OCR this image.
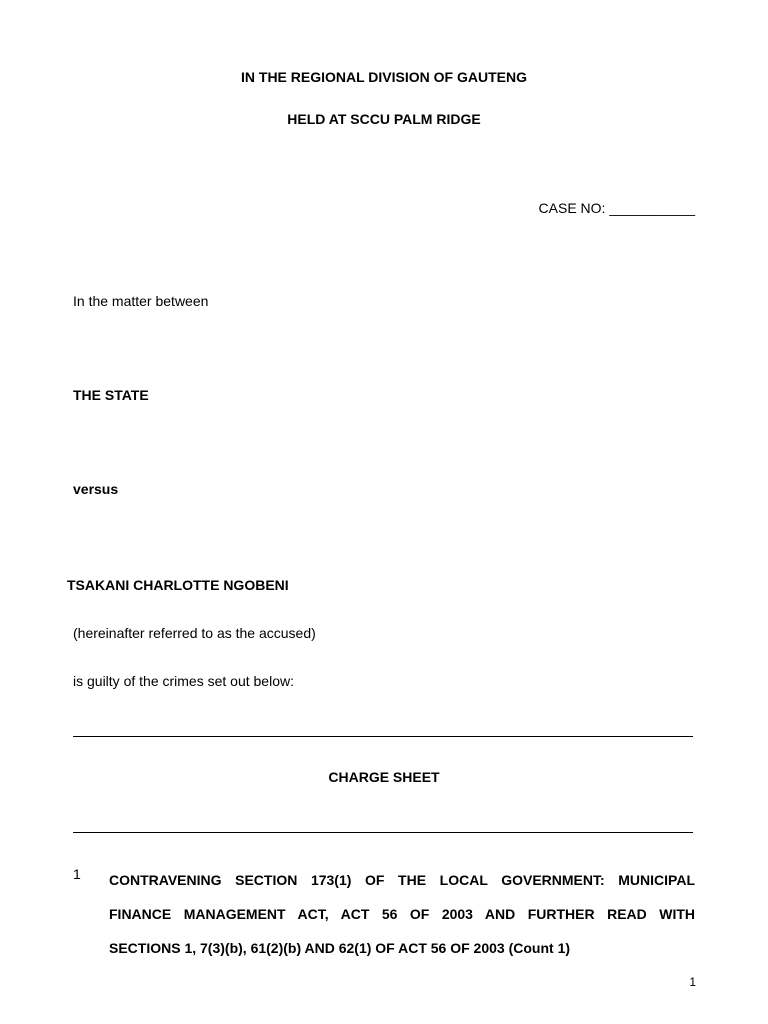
IN THE REGIONAL DIVISION OF GAUTENG
HELD AT SCCU PALM RIDGE
CASE NO: ___________
In the matter between
THE STATE
versus
TSAKANI CHARLOTTE NGOBENI
(hereinafter referred to as the accused)
is guilty of the crimes set out below:
CHARGE SHEET
1 CONTRAVENING SECTION 173(1) OF THE LOCAL GOVERNMENT: MUNICIPAL
FINANCE MANAGEMENT ACT, ACT 56 OF 2003 AND FURTHER READ WITH
SECTIONS 1, 7(3)(b), 61(2)(b) AND 62(1) OF ACT 56 OF 2003 (Count 1)
1
